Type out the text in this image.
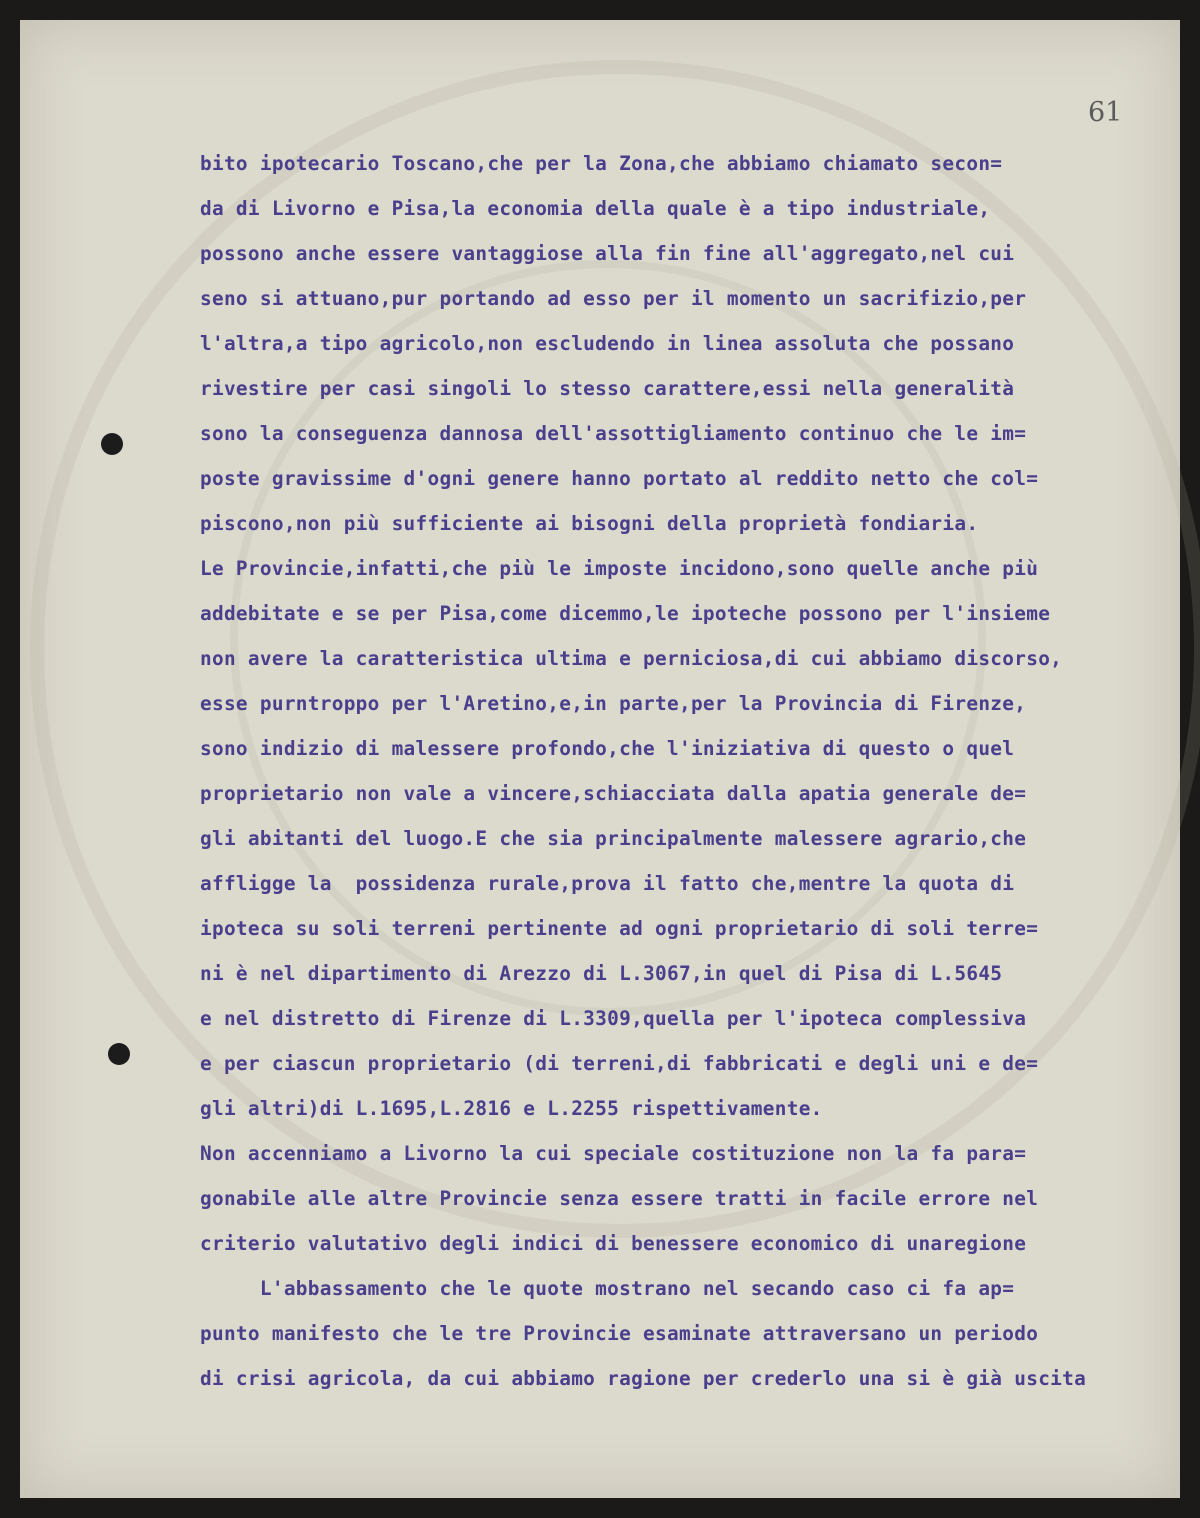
61
bito ipotecario Toscano,che per la Zona,che abbiamo chiamato secon=
da di Livorno e Pisa,la economia della quale è a tipo industriale,
possono anche essere vantaggiose alla fin fine all'aggregato,nel cui
seno si attuano,pur portando ad esso per il momento un sacrifizio,per
l'altra,a tipo agricolo,non escludendo in linea assoluta che possano
rivestire per casi singoli lo stesso carattere,essi nella generalità
sono la conseguenza dannosa dell'assottigliamento continuo che le im=
poste gravissime d'ogni genere hanno portato al reddito netto che col=
piscono,non più sufficiente ai bisogni della proprietà fondiaria.
Le Provincie,infatti,che più le imposte incidono,sono quelle anche più
addebitate e se per Pisa,come dicemmo,le ipoteche possono per l'insieme
non avere la caratteristica ultima e perniciosa,di cui abbiamo discorso,
esse purntroppo per l'Aretino,e,in parte,per la Provincia di Firenze,
sono indizio di malessere profondo,che l'iniziativa di questo o quel
proprietario non vale a vincere,schiacciata dalla apatia generale de=
gli abitanti del luogo.E che sia principalmente malessere agrario,che
affligge la  possidenza rurale,prova il fatto che,mentre la quota di
ipoteca su soli terreni pertinente ad ogni proprietario di soli terre=
ni è nel dipartimento di Arezzo di L.3067,in quel di Pisa di L.5645
e nel distretto di Firenze di L.3309,quella per l'ipoteca complessiva
e per ciascun proprietario (di terreni,di fabbricati e degli uni e de=
gli altri)di L.1695,L.2816 e L.2255 rispettivamente.
Non accenniamo a Livorno la cui speciale costituzione non la fa para=
gonabile alle altre Provincie senza essere tratti in facile errore nel
criterio valutativo degli indici di benessere economico di unaregione
L'abbassamento che le quote mostrano nel secando caso ci fa ap=
punto manifesto che le tre Provincie esaminate attraversano un periodo
di crisi agricola, da cui abbiamo ragione per crederlo una si è già uscita
